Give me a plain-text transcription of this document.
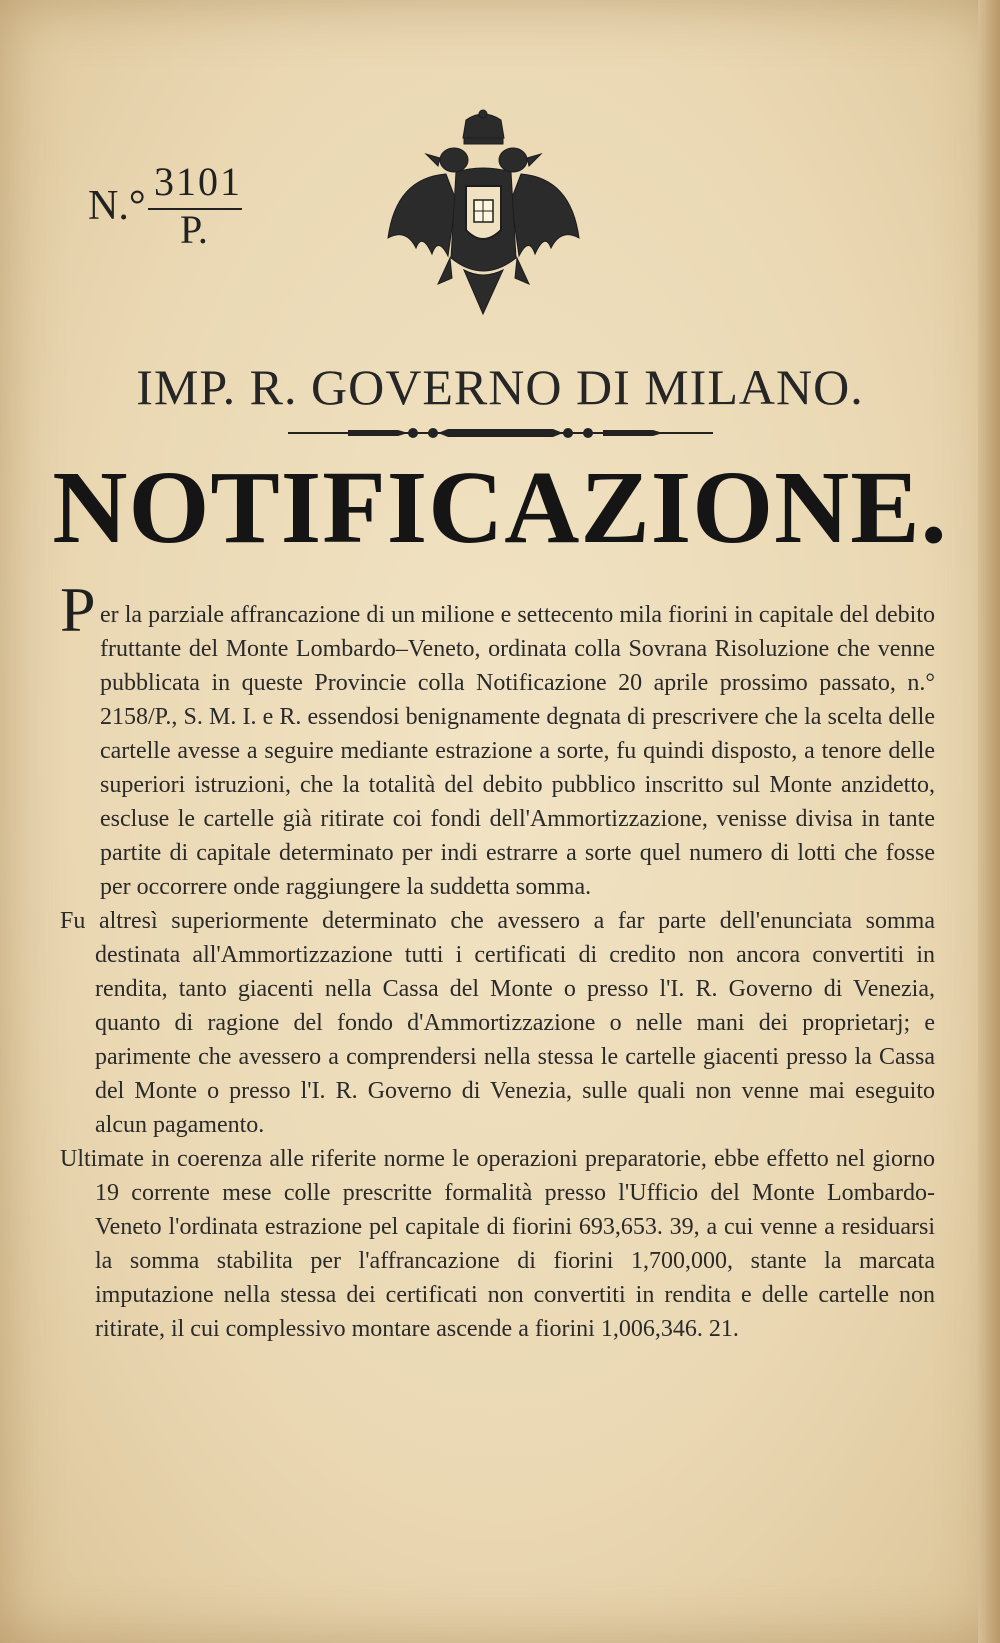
N.°
3101
P.
IMP. R. GOVERNO DI MILANO.
NOTIFICAZIONE.
P er la parziale affrancazione di un milione e settecento mila fiorini in capitale del debito fruttante del Monte Lombardo–Veneto, ordinata colla Sovrana Risoluzione che venne pubblicata in queste Provincie colla Notificazione 20 aprile prossimo passato, n.° 2158/P., S. M. I. e R. essendosi benignamente degnata di prescrivere che la scelta delle cartelle avesse a seguire mediante estrazione a sorte, fu quindi disposto, a tenore delle superiori istruzioni, che la totalità del debito pubblico inscritto sul Monte anzidetto, escluse le cartelle già ritirate coi fondi dell'Ammortizzazione, venisse divisa in tante partite di capitale determinato per indi estrarre a sorte quel numero di lotti che fosse per occorrere onde raggiungere la suddetta somma.

Fu altresì superiormente determinato che avessero a far parte dell'enunciata somma destinata all'Ammortizzazione tutti i certificati di credito non ancora convertiti in rendita, tanto giacenti nella Cassa del Monte o presso l'I. R. Governo di Venezia, quanto di ragione del fondo d'Ammortizzazione o nelle mani dei proprietarj; e parimente che avessero a comprendersi nella stessa le cartelle giacenti presso la Cassa del Monte o presso l'I. R. Governo di Venezia, sulle quali non venne mai eseguito alcun pagamento.

Ultimate in coerenza alle riferite norme le operazioni preparatorie, ebbe effetto nel giorno 19 corrente mese colle prescritte formalità presso l'Ufficio del Monte Lombardo-Veneto l'ordinata estrazione pel capitale di fiorini 693,653. 39, a cui venne a residuarsi la somma stabilita per l'affrancazione di fiorini 1,700,000, stante la marcata imputazione nella stessa dei certificati non convertiti in rendita e delle cartelle non ritirate, il cui complessivo montare ascende a fiorini 1,006,346. 21.
